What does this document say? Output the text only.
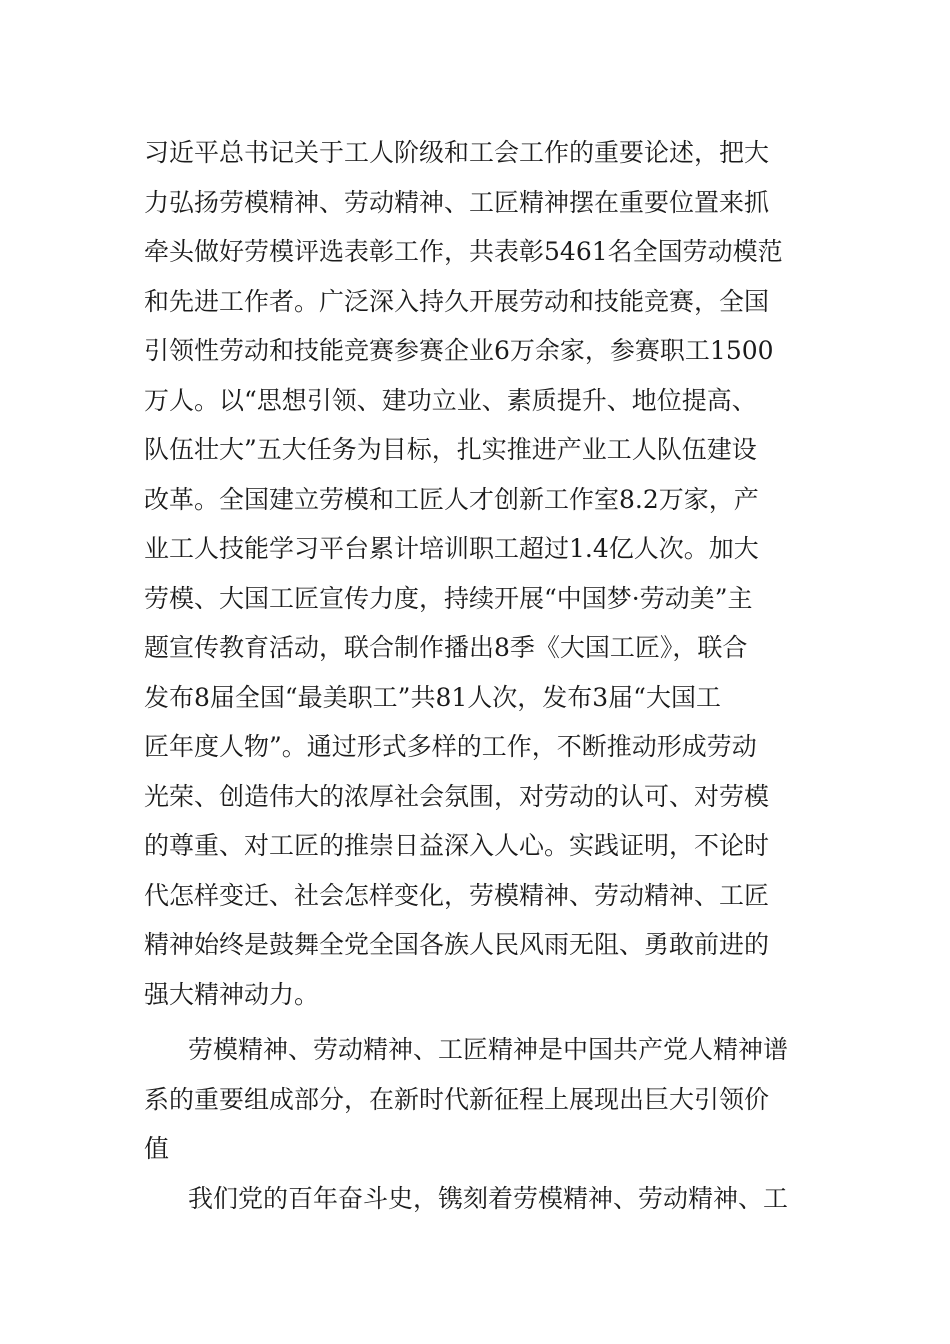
习近平总书记关于工人阶级和工会工作的重要论述，把大
力弘扬劳模精神、劳动精神、工匠精神摆在重要位置来抓
牵头做好劳模评选表彰工作，共表彰5461名全国劳动模范
和先进工作者。广泛深入持久开展劳动和技能竞赛，全国
引领性劳动和技能竞赛参赛企业6万余家，参赛职工1500
万人。以“思想引领、建功立业、素质提升、地位提高、
队伍壮大”五大任务为目标，扎实推进产业工人队伍建设
改革。全国建立劳模和工匠人才创新工作室8.2万家，产
业工人技能学习平台累计培训职工超过1.4亿人次。加大
劳模、大国工匠宣传力度，持续开展“中国梦·劳动美”主
题宣传教育活动，联合制作播出8季《大国工匠》，联合
发布8届全国“最美职工”共81人次，发布3届“大国工
匠年度人物”。通过形式多样的工作，不断推动形成劳动
光荣、创造伟大的浓厚社会氛围，对劳动的认可、对劳模
的尊重、对工匠的推崇日益深入人心。实践证明，不论时
代怎样变迁、社会怎样变化，劳模精神、劳动精神、工匠
精神始终是鼓舞全党全国各族人民风雨无阻、勇敢前进的
强大精神动力。
劳模精神、劳动精神、工匠精神是中国共产党人精神谱
系的重要组成部分，在新时代新征程上展现出巨大引领价
值
我们党的百年奋斗史，镌刻着劳模精神、劳动精神、工
